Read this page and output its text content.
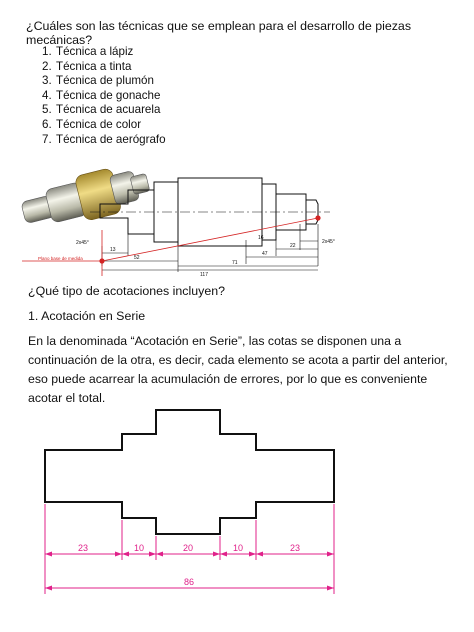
¿Cuáles son las técnicas que se emplean para el desarrollo de piezas mecánicas?
1. Técnica a lápiz
2. Técnica a tinta
3. Técnica de plumón
4. Técnica de gonache
5. Técnica de acuarela
6. Técnica de color
7. Técnica de aerógrafo
2x45°	2x45°
Plano base de medida
13
52
117
71
47
22
16
¿Qué tipo de acotaciones incluyen?
1. Acotación en Serie
En la denominada “Acotación en Serie”, las cotas se disponen una a continuación de la otra, es decir, cada elemento se acota a partir del anterior, eso puede acarrear la acumulación de errores, por lo que es conveniente acotar el total.
23	10	20	10	23
86
